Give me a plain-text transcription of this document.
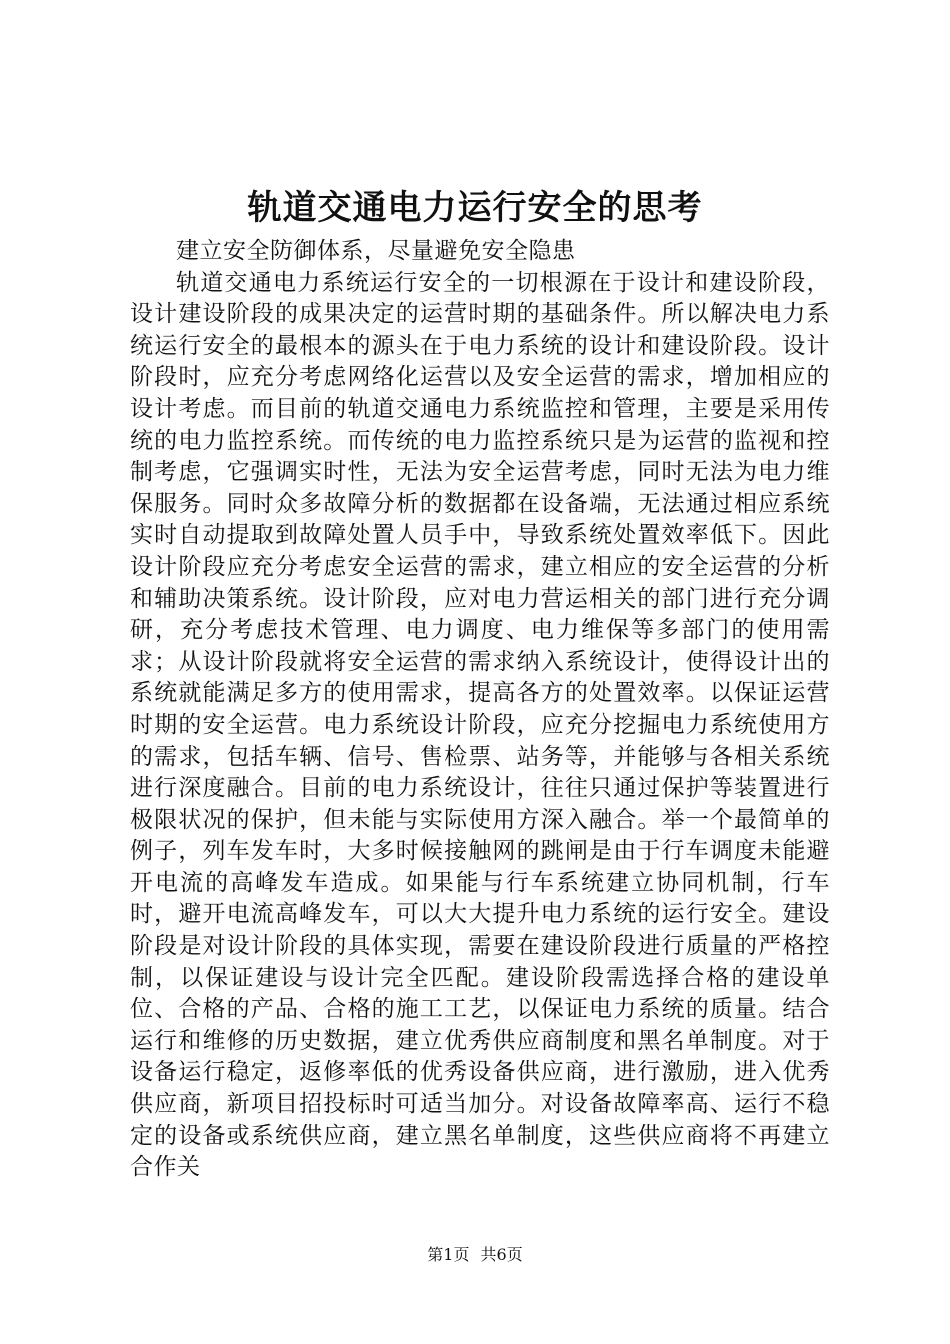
轨道交通电力运行安全的思考

建立安全防御体系，尽量避免安全隐患

轨道交通电力系统运行安全的一切根源在于设计和建设阶段，设计建设阶段的成果决定的运营时期的基础条件。所以解决电力系统运行安全的最根本的源头在于电力系统的设计和建设阶段。设计阶段时，应充分考虑网络化运营以及安全运营的需求，增加相应的设计考虑。而目前的轨道交通电力系统监控和管理，主要是采用传统的电力监控系统。而传统的电力监控系统只是为运营的监视和控制考虑，它强调实时性，无法为安全运营考虑，同时无法为电力维保服务。同时众多故障分析的数据都在设备端，无法通过相应系统实时自动提取到故障处置人员手中，导致系统处置效率低下。因此设计阶段应充分考虑安全运营的需求，建立相应的安全运营的分析和辅助决策系统。设计阶段，应对电力营运相关的部门进行充分调研，充分考虑技术管理、电力调度、电力维保等多部门的使用需求；从设计阶段就将安全运营的需求纳入系统设计，使得设计出的系统就能满足多方的使用需求，提高各方的处置效率。以保证运营时期的安全运营。电力系统设计阶段，应充分挖掘电力系统使用方的需求，包括车辆、信号、售检票、站务等，并能够与各相关系统进行深度融合。目前的电力系统设计，往往只通过保护等装置进行极限状况的保护，但未能与实际使用方深入融合。举一个最简单的例子，列车发车时，大多时候接触网的跳闸是由于行车调度未能避开电流的高峰发车造成。如果能与行车系统建立协同机制，行车时，避开电流高峰发车，可以大大提升电力系统的运行安全。建设阶段是对设计阶段的具体实现，需要在建设阶段进行质量的严格控制，以保证建设与设计完全匹配。建设阶段需选择合格的建设单位、合格的产品、合格的施工工艺，以保证电力系统的质量。结合运行和维修的历史数据，建立优秀供应商制度和黑名单制度。对于设备运行稳定，返修率低的优秀设备供应商，进行激励，进入优秀供应商，新项目招投标时可适当加分。对设备故障率高、运行不稳定的设备或系统供应商，建立黑名单制度，这些供应商将不再建立合作关

第1页 共6页
